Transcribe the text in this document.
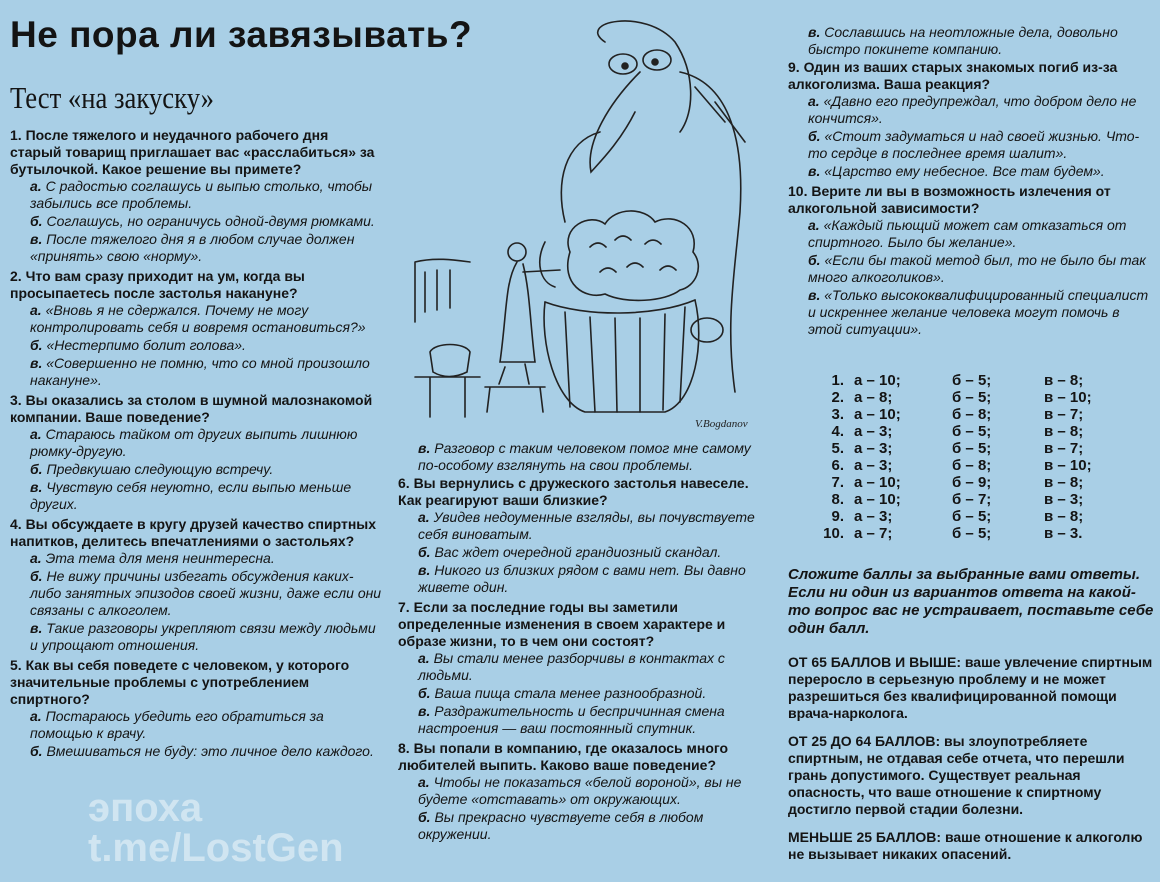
Не пора ли завязывать?
Тест «на закуску»
1. После тяжелого и неудачного рабочего дня старый товарищ приглашает вас «расслабиться» за бутылочкой. Какое решение вы примете?
а. С радостью соглашусь и выпью столько, чтобы забылись все проблемы.
б. Соглашусь, но ограничусь одной-двумя рюмками.
в. После тяжелого дня я в любом случае должен «принять» свою «норму».
2. Что вам сразу приходит на ум, когда вы просыпаетесь после застолья накануне?
а. «Вновь я не сдержался. Почему не могу контролировать себя и вовремя остановиться?»
б. «Нестерпимо болит голова».
в. «Совершенно не помню, что со мной произошло накануне».
3. Вы оказались за столом в шумной малознакомой компании. Ваше поведение?
а. Стараюсь тайком от других выпить лишнюю рюмку-другую.
б. Предвкушаю следующую встречу.
в. Чувствую себя неуютно, если выпью меньше других.
4. Вы обсуждаете в кругу друзей качество спиртных напитков, делитесь впечатлениями о застольях?
а. Эта тема для меня неинтересна.
б. Не вижу причины избегать обсуждения каких-либо занятных эпизодов своей жизни, даже если они связаны с алкоголем.
в. Такие разговоры укрепляют связи между людьми и упрощают отношения.
5. Как вы себя поведете с человеком, у которого значительные проблемы с употреблением спиртного?
а. Постараюсь убедить его обратиться за помощью к врачу.
б. Вмешиваться не буду: это личное дело каждого.
V.Bogdanov
в. Разговор с таким человеком помог мне самому по-особому взглянуть на свои проблемы.
6. Вы вернулись с дружеского застолья навеселе. Как реагируют ваши близкие?
а. Увидев недоуменные взгляды, вы почувствуете себя виноватым.
б. Вас ждет очередной грандиозный скандал.
в. Никого из близких рядом с вами нет. Вы давно живете один.
7. Если за последние годы вы заметили определенные изменения в своем характере и образе жизни, то в чем они состоят?
а. Вы стали менее разборчивы в контактах с людьми.
б. Ваша пища стала менее разнообразной.
в. Раздражительность и беспричинная смена настроения — ваш постоянный спутник.
8. Вы попали в компанию, где оказалось много любителей выпить. Каково ваше поведение?
а. Чтобы не показаться «белой вороной», вы не будете «отставать» от окружающих.
б. Вы прекрасно чувствуете себя в любом окружении.
в. Сославшись на неотложные дела, довольно быстро покинете компанию.
9. Один из ваших старых знакомых погиб из-за алкоголизма. Ваша реакция?
а. «Давно его предупреждал, что добром дело не кончится».
б. «Стоит задуматься и над своей жизнью. Что-то сердце в последнее время шалит».
в. «Царство ему небесное. Все там будем».
10. Верите ли вы в возможность излечения от алкогольной зависимости?
а. «Каждый пьющий может сам отказаться от спиртного. Было бы желание».
б. «Если бы такой метод был, то не было бы так много алкоголиков».
в. «Только высококвалифицированный специалист и искреннее желание человека могут помочь в этой ситуации».
1. а – 10;	б – 5;	в – 8;
2. а – 8;	б – 5;	в – 10;
3. а – 10;	б – 8;	в – 7;
4. а – 3;	б – 5;	в – 8;
5. а – 3;	б – 5;	в – 7;
6. а – 3;	б – 8;	в – 10;
7. а – 10;	б – 9;	в – 8;
8. а – 10;	б – 7;	в – 3;
9. а – 3;	б – 5;	в – 8;
10. а – 7;	б – 5;	в – 3.
Сложите баллы за выбранные вами ответы. Если ни один из вариантов ответа на какой-то вопрос вас не устраивает, поставьте себе один балл.
ОТ 65 БАЛЛОВ И ВЫШЕ: ваше увлечение спиртным переросло в серьезную проблему и не может разрешиться без квалифицированной помощи врача-нарколога.
ОТ 25 ДО 64 БАЛЛОВ: вы злоупотребляете спиртным, не отдавая себе отчета, что перешли грань допустимого. Существует реальная опасность, что ваше отношение к спиртному достигло первой стадии болезни.
МЕНЬШЕ 25 БАЛЛОВ: ваше отношение к алкоголю не вызывает никаких опасений.
эпоха
t.me/LostGen
